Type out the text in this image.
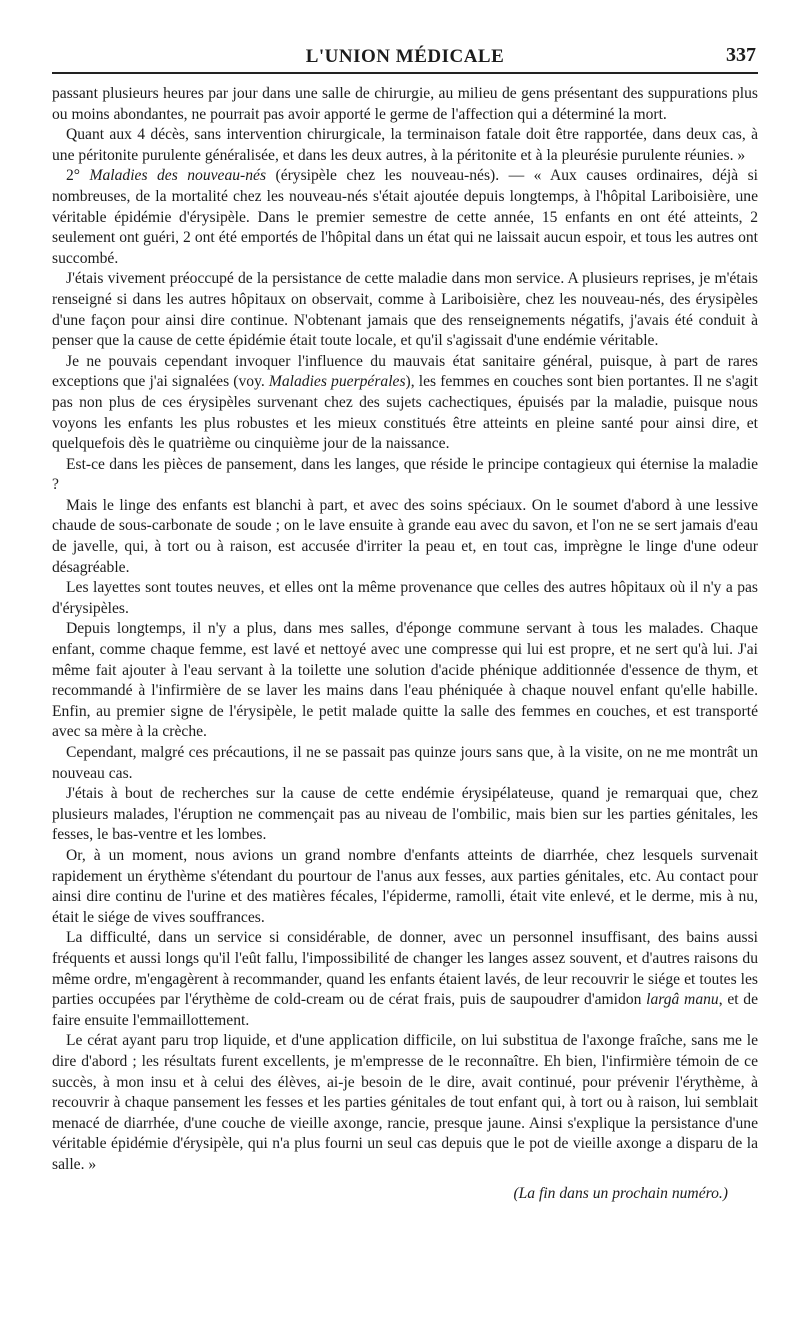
L'UNION MÉDICALE	337

passant plusieurs heures par jour dans une salle de chirurgie, au milieu de gens présentant des suppurations plus ou moins abondantes, ne pourrait pas avoir apporté le germe de l'affection qui a déterminé la mort.

Quant aux 4 décès, sans intervention chirurgicale, la terminaison fatale doit être rapportée, dans deux cas, à une péritonite purulente généralisée, et dans les deux autres, à la péritonite et à la pleurésie purulente réunies. »

2° Maladies des nouveau-nés (érysipèle chez les nouveau-nés). — « Aux causes ordinaires, déjà si nombreuses, de la mortalité chez les nouveau-nés s'était ajoutée depuis longtemps, à l'hôpital Lariboisière, une véritable épidémie d'érysipèle. Dans le premier semestre de cette année, 15 enfants en ont été atteints, 2 seulement ont guéri, 2 ont été emportés de l'hôpital dans un état qui ne laissait aucun espoir, et tous les autres ont succombé.

J'étais vivement préoccupé de la persistance de cette maladie dans mon service. A plusieurs reprises, je m'étais renseigné si dans les autres hôpitaux on observait, comme à Lariboisière, chez les nouveau-nés, des érysipèles d'une façon pour ainsi dire continue. N'obtenant jamais que des renseignements négatifs, j'avais été conduit à penser que la cause de cette épidémie était toute locale, et qu'il s'agissait d'une endémie véritable.

Je ne pouvais cependant invoquer l'influence du mauvais état sanitaire général, puisque, à part de rares exceptions que j'ai signalées (voy. Maladies puerpérales), les femmes en couches sont bien portantes. Il ne s'agit pas non plus de ces érysipèles survenant chez des sujets cachectiques, épuisés par la maladie, puisque nous voyons les enfants les plus robustes et les mieux constitués être atteints en pleine santé pour ainsi dire, et quelquefois dès le quatrième ou cinquième jour de la naissance.

Est-ce dans les pièces de pansement, dans les langes, que réside le principe contagieux qui éternise la maladie ?

Mais le linge des enfants est blanchi à part, et avec des soins spéciaux. On le soumet d'abord à une lessive chaude de sous-carbonate de soude ; on le lave ensuite à grande eau avec du savon, et l'on ne se sert jamais d'eau de javelle, qui, à tort ou à raison, est accusée d'irriter la peau et, en tout cas, imprègne le linge d'une odeur désagréable.

Les layettes sont toutes neuves, et elles ont la même provenance que celles des autres hôpitaux où il n'y a pas d'érysipèles.

Depuis longtemps, il n'y a plus, dans mes salles, d'éponge commune servant à tous les malades. Chaque enfant, comme chaque femme, est lavé et nettoyé avec une compresse qui lui est propre, et ne sert qu'à lui. J'ai même fait ajouter à l'eau servant à la toilette une solution d'acide phénique additionnée d'essence de thym, et recommandé à l'infirmière de se laver les mains dans l'eau phéniquée à chaque nouvel enfant qu'elle habille. Enfin, au premier signe de l'érysipèle, le petit malade quitte la salle des femmes en couches, et est transporté avec sa mère à la crèche.

Cependant, malgré ces précautions, il ne se passait pas quinze jours sans que, à la visite, on ne me montrât un nouveau cas.

J'étais à bout de recherches sur la cause de cette endémie érysipélateuse, quand je remarquai que, chez plusieurs malades, l'éruption ne commençait pas au niveau de l'ombilic, mais bien sur les parties génitales, les fesses, le bas-ventre et les lombes.

Or, à un moment, nous avions un grand nombre d'enfants atteints de diarrhée, chez lesquels survenait rapidement un érythème s'étendant du pourtour de l'anus aux fesses, aux parties génitales, etc. Au contact pour ainsi dire continu de l'urine et des matières fécales, l'épiderme, ramolli, était vite enlevé, et le derme, mis à nu, était le siége de vives souffrances.

La difficulté, dans un service si considérable, de donner, avec un personnel insuffisant, des bains aussi fréquents et aussi longs qu'il l'eût fallu, l'impossibilité de changer les langes assez souvent, et d'autres raisons du même ordre, m'engagèrent à recommander, quand les enfants étaient lavés, de leur recouvrir le siége et toutes les parties occupées par l'érythème de cold-cream ou de cérat frais, puis de saupoudrer d'amidon largâ manu, et de faire ensuite l'emmaillottement.

Le cérat ayant paru trop liquide, et d'une application difficile, on lui substitua de l'axonge fraîche, sans me le dire d'abord ; les résultats furent excellents, je m'empresse de le reconnaître. Eh bien, l'infirmière témoin de ce succès, à mon insu et à celui des élèves, ai-je besoin de le dire, avait continué, pour prévenir l'érythème, à recouvrir à chaque pansement les fesses et les parties génitales de tout enfant qui, à tort ou à raison, lui semblait menacé de diarrhée, d'une couche de vieille axonge, rancie, presque jaune. Ainsi s'explique la persistance d'une véritable épidémie d'érysipèle, qui n'a plus fourni un seul cas depuis que le pot de vieille axonge a disparu de la salle. »

(La fin dans un prochain numéro.)
